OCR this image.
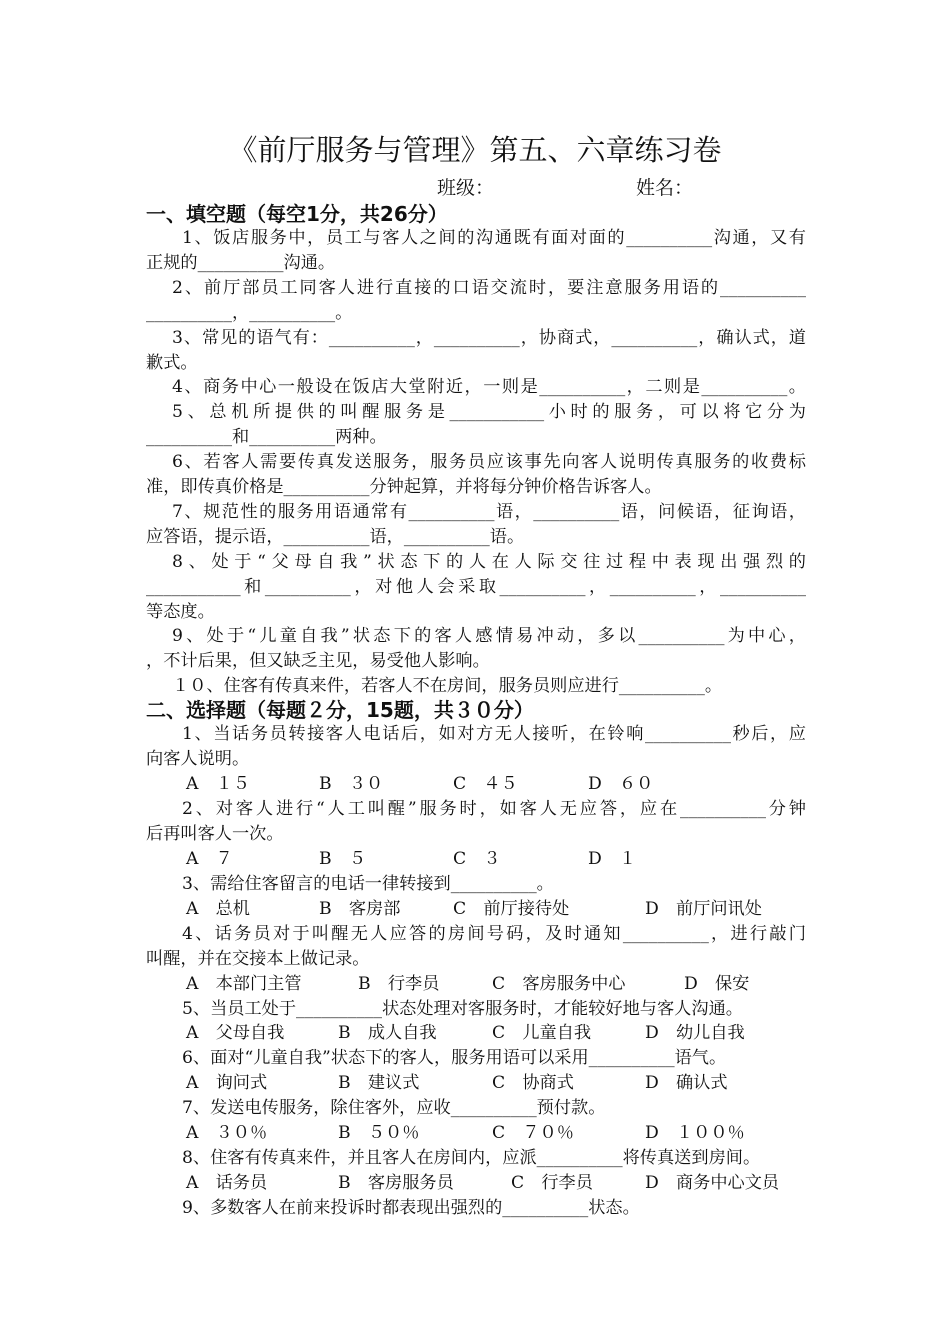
《前厅服务与管理》第五、六章练习卷
班级：	姓名：
一、填空题（每空1分，共26分）
1、饭店服务中，员工与客人之间的沟通既有面对面的__________沟通，又有
正规的__________沟通。
2、前厅部员工同客人进行直接的口语交流时，要注意服务用语的__________
__________，__________。
3、常见的语气有：__________，__________，协商式，__________，确认式，道
歉式。
4、商务中心一般设在饭店大堂附近，一则是__________，二则是__________。
5、总机所提供的叫醒服务是___________小时的服务，可以将它分为
__________和__________两种。
6、若客人需要传真发送服务，服务员应该事先向客人说明传真服务的收费标
准，即传真价格是__________分钟起算，并将每分钟价格告诉客人。
7、规范性的服务用语通常有__________语，__________语，问候语，征询语，
应答语，提示语，__________语，__________语。
8、处于“父母自我”状态下的人在人际交往过程中表现出强烈的
___________和__________，对他人会采取__________，__________，__________
等态度。
9、处于“儿童自我”状态下的客人感情易冲动，多以__________为中心，
，不计后果，但又缺乏主见，易受他人影响。
１０、住客有传真来件，若客人不在房间，服务员则应进行__________。
二、选择题（每题２分，15题，共３０分）
1、当话务员转接客人电话后，如对方无人接听，在铃响__________秒后，应
向客人说明。
A　１５	B　３０	C　４５	D　６０
2、对客人进行“人工叫醒”服务时，如客人无应答，应在__________分钟
后再叫客人一次。
A　７	B　５	C　３	D　１
3、需给住客留言的电话一律转接到__________。
A　总机	B　客房部	C　前厅接待处	D　前厅问讯处
4、话务员对于叫醒无人应答的房间号码，及时通知__________，进行敲门
叫醒，并在交接本上做记录。
A　本部门主管	B　行李员	C　客房服务中心	D　保安
5、当员工处于__________状态处理对客服务时，才能较好地与客人沟通。
A　父母自我	B　成人自我	C　儿童自我	D　幼儿自我
6、面对“儿童自我”状态下的客人，服务用语可以采用__________语气。
A　询问式	B　建议式	C　协商式	D　确认式
7、发送电传服务，除住客外，应收__________预付款。
A　３０％	B　５０％	C　７０％	D　１００％
8、住客有传真来件，并且客人在房间内，应派__________将传真送到房间。
A　话务员	B　客房服务员	C　行李员	D　商务中心文员
9、多数客人在前来投诉时都表现出强烈的__________状态。
